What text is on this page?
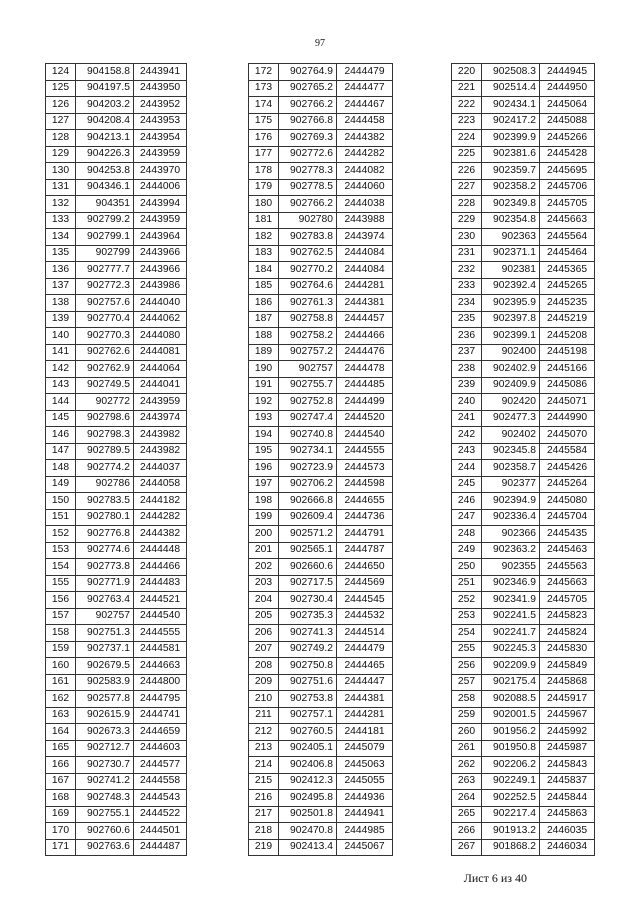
97
124	904158.8	2443941
125	904197.5	2443950
126	904203.2	2443952
127	904208.4	2443953
128	904213.1	2443954
129	904226.3	2443959
130	904253.8	2443970
131	904346.1	2444006
132	904351	2443994
133	902799.2	2443959
134	902799.1	2443964
135	902799	2443966
136	902777.7	2443966
137	902772.3	2443986
138	902757.6	2444040
139	902770.4	2444062
140	902770.3	2444080
141	902762.6	2444081
142	902762.9	2444064
143	902749.5	2444041
144	902772	2443959
145	902798.6	2443974
146	902798.3	2443982
147	902789.5	2443982
148	902774.2	2444037
149	902786	2444058
150	902783.5	2444182
151	902780.1	2444282
152	902776.8	2444382
153	902774.6	2444448
154	902773.8	2444466
155	902771.9	2444483
156	902763.4	2444521
157	902757	2444540
158	902751.3	2444555
159	902737.1	2444581
160	902679.5	2444663
161	902583.9	2444800
162	902577.8	2444795
163	902615.9	2444741
164	902673.3	2444659
165	902712.7	2444603
166	902730.7	2444577
167	902741.2	2444558
168	902748.3	2444543
169	902755.1	2444522
170	902760.6	2444501
171	902763.6	2444487
172	902764.9	2444479
173	902765.2	2444477
174	902766.2	2444467
175	902766.8	2444458
176	902769.3	2444382
177	902772.6	2444282
178	902778.3	2444082
179	902778.5	2444060
180	902766.2	2444038
181	902780	2443988
182	902783.8	2443974
183	902762.5	2444084
184	902770.2	2444084
185	902764.6	2444281
186	902761.3	2444381
187	902758.8	2444457
188	902758.2	2444466
189	902757.2	2444476
190	902757	2444478
191	902755.7	2444485
192	902752.8	2444499
193	902747.4	2444520
194	902740.8	2444540
195	902734.1	2444555
196	902723.9	2444573
197	902706.2	2444598
198	902666.8	2444655
199	902609.4	2444736
200	902571.2	2444791
201	902565.1	2444787
202	902660.6	2444650
203	902717.5	2444569
204	902730.4	2444545
205	902735.3	2444532
206	902741.3	2444514
207	902749.2	2444479
208	902750.8	2444465
209	902751.6	2444447
210	902753.8	2444381
211	902757.1	2444281
212	902760.5	2444181
213	902405.1	2445079
214	902406.8	2445063
215	902412.3	2445055
216	902495.8	2444936
217	902501.8	2444941
218	902470.8	2444985
219	902413.4	2445067
220	902508.3	2444945
221	902514.4	2444950
222	902434.1	2445064
223	902417.2	2445088
224	902399.9	2445266
225	902381.6	2445428
226	902359.7	2445695
227	902358.2	2445706
228	902349.8	2445705
229	902354.8	2445663
230	902363	2445564
231	902371.1	2445464
232	902381	2445365
233	902392.4	2445265
234	902395.9	2445235
235	902397.8	2445219
236	902399.1	2445208
237	902400	2445198
238	902402.9	2445166
239	902409.9	2445086
240	902420	2445071
241	902477.3	2444990
242	902402	2445070
243	902345.8	2445584
244	902358.7	2445426
245	902377	2445264
246	902394.9	2445080
247	902336.4	2445704
248	902366	2445435
249	902363.2	2445463
250	902355	2445563
251	902346.9	2445663
252	902341.9	2445705
253	902241.5	2445823
254	902241.7	2445824
255	902245.3	2445830
256	902209.9	2445849
257	902175.4	2445868
258	902088.5	2445917
259	902001.5	2445967
260	901956.2	2445992
261	901950.8	2445987
262	902206.2	2445843
263	902249.1	2445837
264	902252.5	2445844
265	902217.4	2445863
266	901913.2	2446035
267	901868.2	2446034
Лист 6 из 40
